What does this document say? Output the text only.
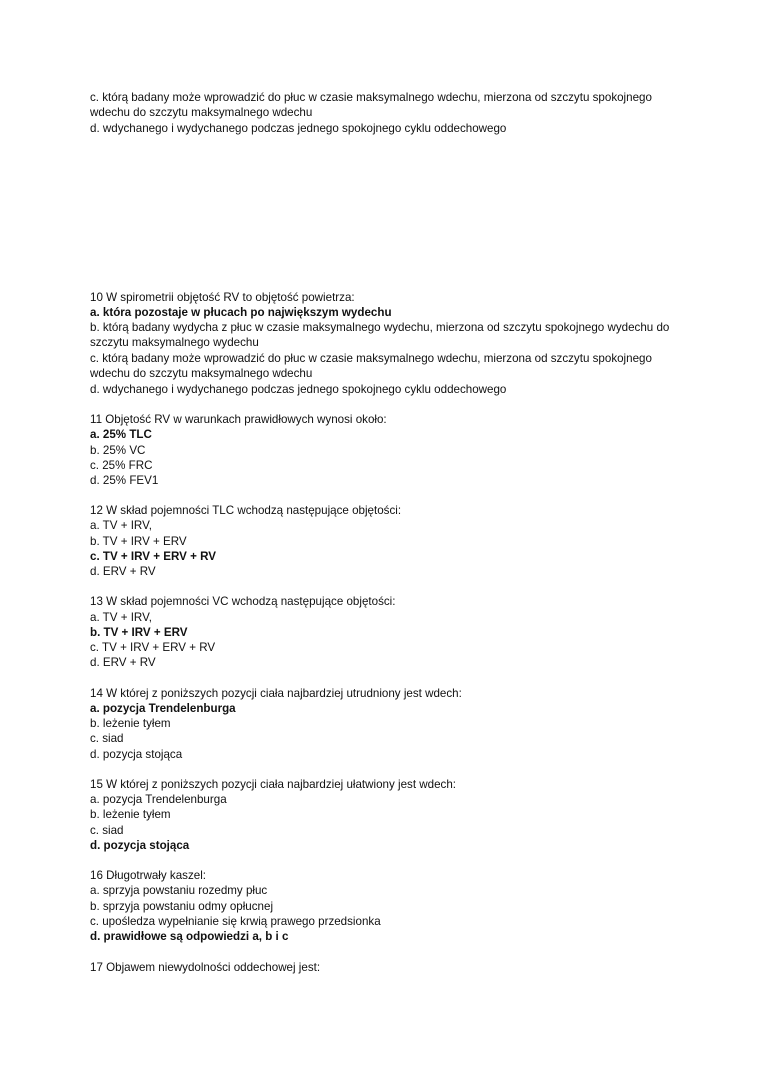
c. którą badany może wprowadzić do płuc w czasie maksymalnego wdechu, mierzona od szczytu spokojnego
wdechu do szczytu maksymalnego wdechu
d. wdychanego i wydychanego podczas jednego spokojnego cyklu oddechowego
10 W spirometrii objętość RV to objętość powietrza:
a. która pozostaje w płucach po największym wydechu
b. którą badany wydycha z płuc w czasie maksymalnego wydechu, mierzona od szczytu spokojnego wydechu do
szczytu maksymalnego wydechu
c. którą badany może wprowadzić do płuc w czasie maksymalnego wdechu, mierzona od szczytu spokojnego
wdechu do szczytu maksymalnego wdechu
d. wdychanego i wydychanego podczas jednego spokojnego cyklu oddechowego
11 Objętość RV w warunkach prawidłowych wynosi około:
a. 25% TLC
b. 25% VC
c. 25% FRC
d. 25% FEV1
12 W skład pojemności TLC wchodzą następujące objętości:
a. TV + IRV,
b. TV + IRV + ERV
c. TV + IRV + ERV + RV
d. ERV + RV
13 W skład pojemności VC wchodzą następujące objętości:
a. TV + IRV,
b. TV + IRV + ERV
c. TV + IRV + ERV + RV
d. ERV + RV
14 W której z poniższych pozycji ciała najbardziej utrudniony jest wdech:
a. pozycja Trendelenburga
b. leżenie tyłem
c. siad
d. pozycja stojąca
15 W której z poniższych pozycji ciała najbardziej ułatwiony jest wdech:
a. pozycja Trendelenburga
b. leżenie tyłem
c. siad
d. pozycja stojąca
16 Długotrwały kaszel:
a. sprzyja powstaniu rozedmy płuc
b. sprzyja powstaniu odmy opłucnej
c. upośledza wypełnianie się krwią prawego przedsionka
d. prawidłowe są odpowiedzi a, b i c
17 Objawem niewydolności oddechowej jest:
